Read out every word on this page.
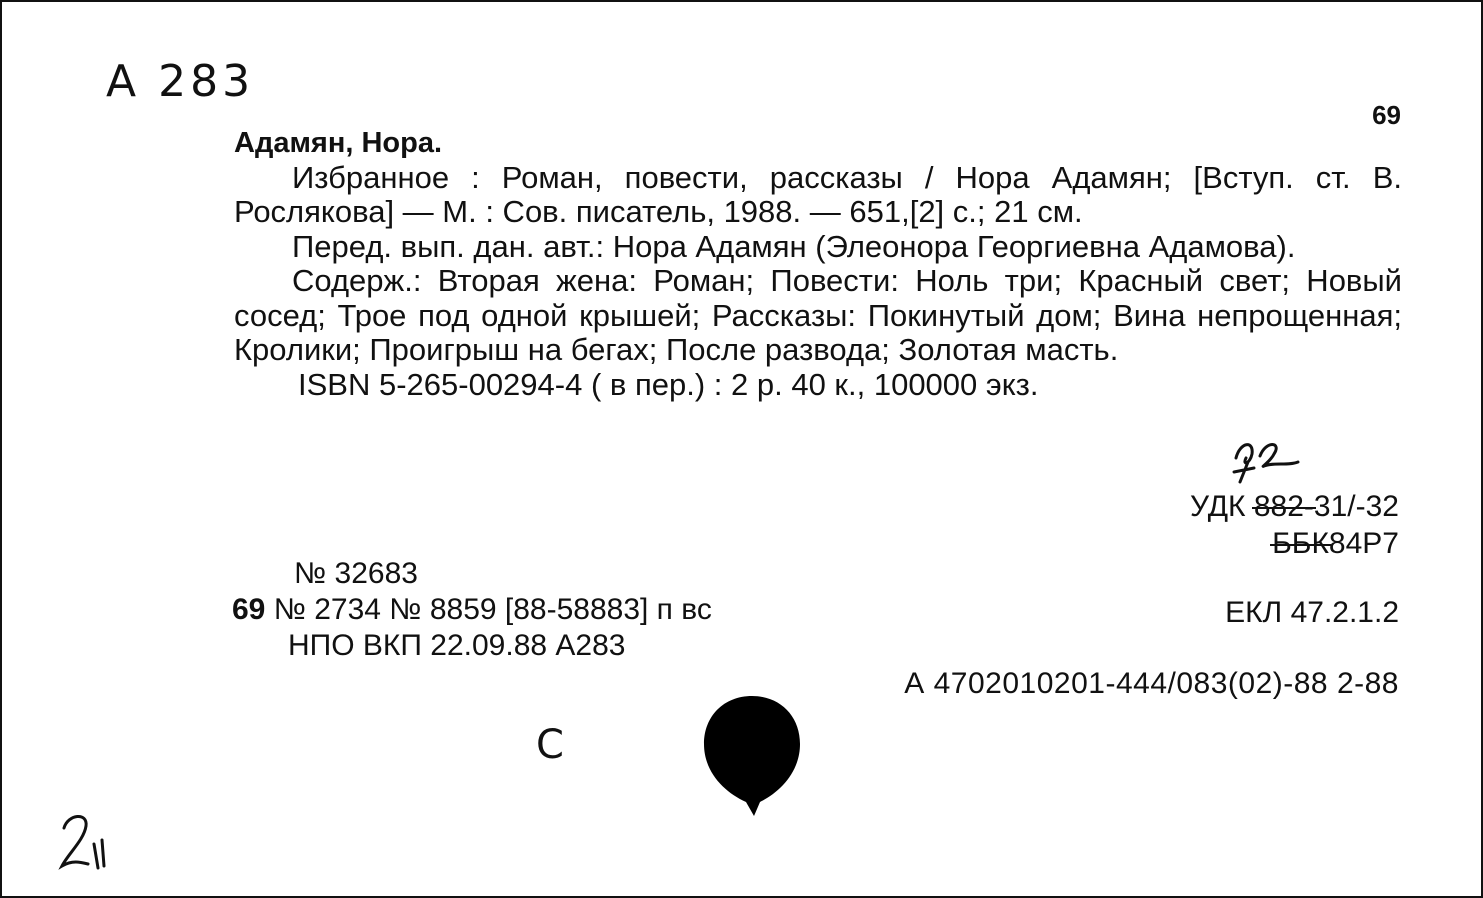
А 283
69

Адамян, Нора.

Избранное : Роман, повести, рассказы / Нора Адамян; [Вступ. ст. В. Рослякова] — М. : Сов. писатель, 1988. — 651,[2] с.; 21 см.

Перед. вып. дан. авт.: Нора Адамян (Элеонора Георгиевна Адамова).

Содерж.: Вторая жена: Роман; Повести: Ноль три; Красный свет; Новый сосед; Трое под одной крышей; Рассказы: Покинутый дом; Вина непрощенная; Кролики; Проигрыш на бегах; После развода; Золотая масть.

ISBN 5-265-00294-4 ( в пер.) : 2 р. 40 к., 100000 экз.

УДК 882-31/-32
ББК84Р7
№ 32683
69 № 2734 № 8859 [88-58883] п вс	ЕКЛ 47.2.1.2
НПО ВКП 22.09.88 А283
А 4702010201-444/083(02)-88 2-88
С
